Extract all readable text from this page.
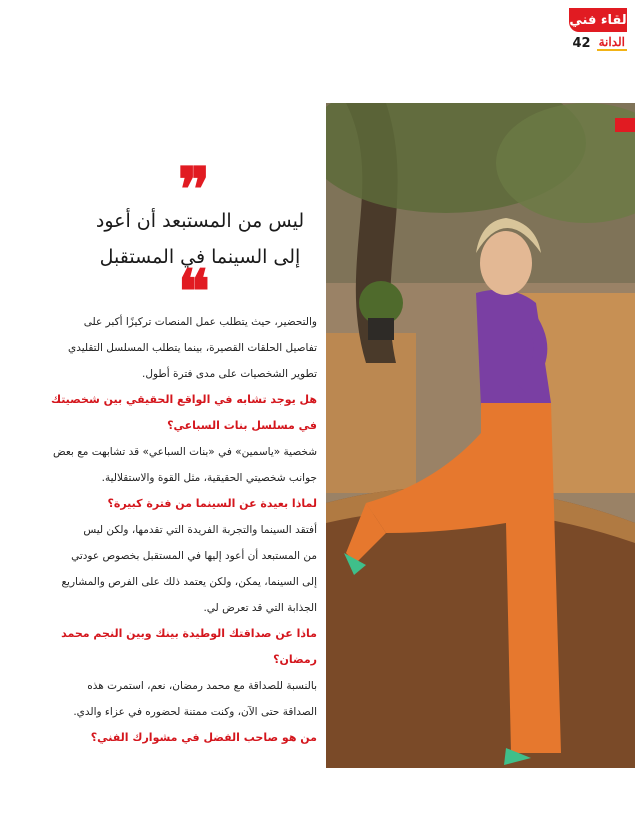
لقاء فني
42 الدانة
❞
ليس من المستبعد أن أعود
إلى السينما في المستقبل
❝
والتحضير، حيث يتطلب عمل المنصات تركيزًا أكبر على
تفاصيل الحلقات القصيرة، بينما يتطلب المسلسل التقليدي
تطوير الشخصيات على مدى فترة أطول.
هل يوجد تشابه في الواقع الحقيقي بين شخصيتك
في مسلسل بنات السباعي؟
شخصية «ياسمين» في «بنات السباعي» قد تشابهت مع بعض
جوانب شخصيتي الحقيقية، مثل القوة والاستقلالية.
لماذا بعيدة عن السينما من فترة كبيرة؟
أفتقد السينما والتجربة الفريدة التي تقدمها، ولكن ليس
من المستبعد أن أعود إليها في المستقبل بخصوص عودتي
إلى السينما، يمكن، ولكن يعتمد ذلك على الفرص والمشاريع
الجذابة التي قد تعرض لي.
ماذا عن صداقتك الوطيدة بينك وبين النجم محمد
رمضان؟
بالنسبة للصداقة مع محمد رمضان، نعم، استمرت هذه
الصداقة حتى الآن، وكنت ممتنة لحضوره في عزاء والدي.
من هو صاحب الفضل في مشوارك الفني؟
